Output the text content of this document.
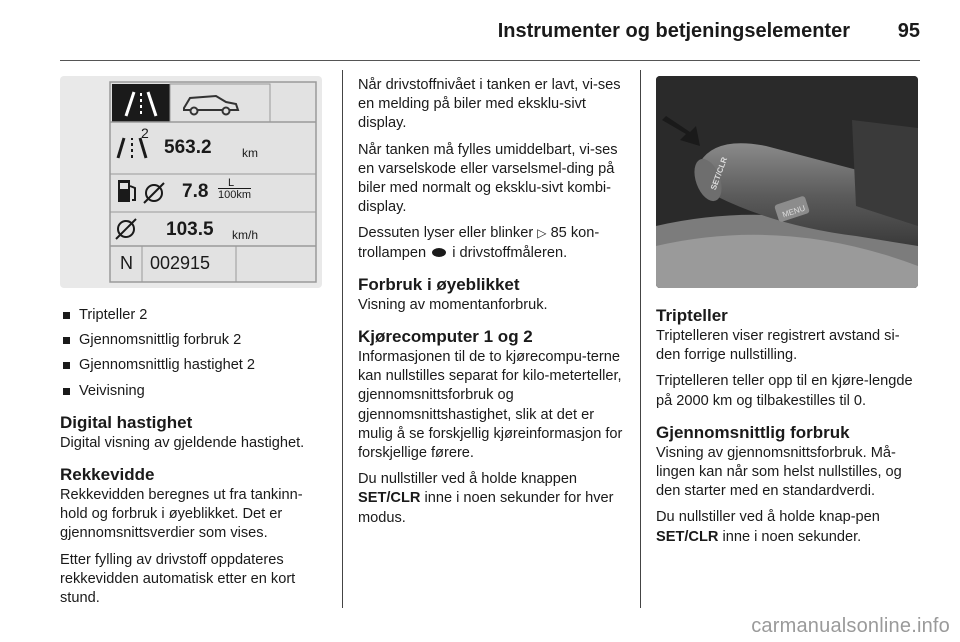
Instrumenter og betjeningselementer 95
2
563.2	km
7.8 L
100km
103.5 km/h
N 002915
Tripteller 2
Gjennomsnittlig forbruk 2
Gjennomsnittlig hastighet 2
Veivisning
Digital hastighet

Digital visning av gjeldende hastighet.

Rekkevidde

Rekkevidden beregnes ut fra tankinn-hold og forbruk i øyeblikket. Det er gjennomsnittsverdier som vises.

Etter fylling av drivstoff oppdateres rekkevidden automatisk etter en kort stund.

Når drivstoffnivået i tanken er lavt, vi-ses en melding på biler med eksklu-sivt display.

Når tanken må fylles umiddelbart, vi-ses en varselskode eller varselsmel-ding på biler med normalt og eksklu-sivt kombi-display.

Dessuten lyser eller blinker ▷ 85 kon-trollampen  i drivstoffmåleren.

Forbruk i øyeblikket

Visning av momentanforbruk.

Kjørecomputer 1 og 2

Informasjonen til de to kjørecompu-terne kan nullstilles separat for kilo-meterteller, gjennomsnittsforbruk og gjennomsnittshastighet, slik at det er mulig å se forskjellig kjøreinformasjon for forskjellige førere.

Du nullstiller ved å holde knappen SET/CLR inne i noen sekunder for hver modus.

SET/CLR
MENU
Tripteller

Triptelleren viser registrert avstand si-den forrige nullstilling.

Triptelleren teller opp til en kjøre-lengde på 2000 km og tilbakestilles til 0.

Gjennomsnittlig forbruk

Visning av gjennomsnittsforbruk. Må-lingen kan når som helst nullstilles, og den starter med en standardverdi.

Du nullstiller ved å holde knap-pen SET/CLR inne i noen sekunder.

carmanualsonline.info
